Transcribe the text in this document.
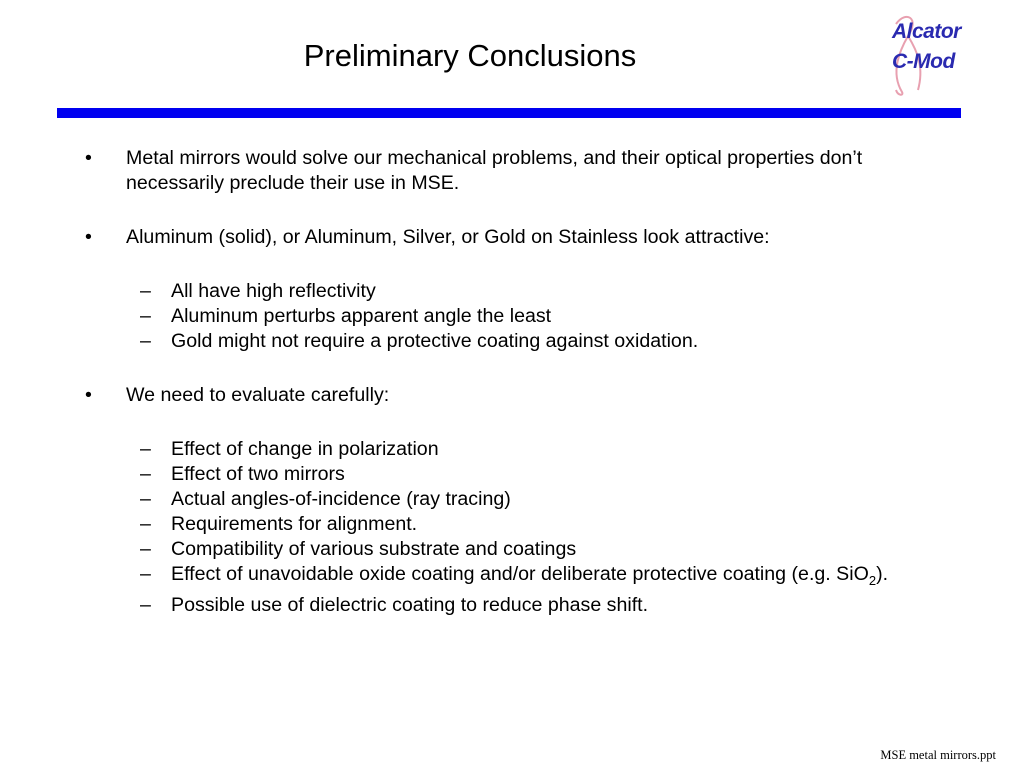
Preliminary Conclusions
Alcator
C-Mod
• Metal mirrors would solve our mechanical problems, and their optical properties don’t necessarily preclude their use in MSE.
• Aluminum (solid), or Aluminum, Silver, or Gold on Stainless look attractive:
– All have high reflectivity
– Aluminum perturbs apparent angle the least
– Gold might not require a protective coating against oxidation.
• We need to evaluate carefully:
– Effect of change in polarization
– Effect of two mirrors
– Actual angles-of-incidence (ray tracing)
– Requirements for alignment.
– Compatibility of various substrate and coatings
– Effect of unavoidable oxide coating and/or deliberate protective coating (e.g. SiO$_2$).
– Possible use of dielectric coating to reduce phase shift.
MSE metal mirrors.ppt
